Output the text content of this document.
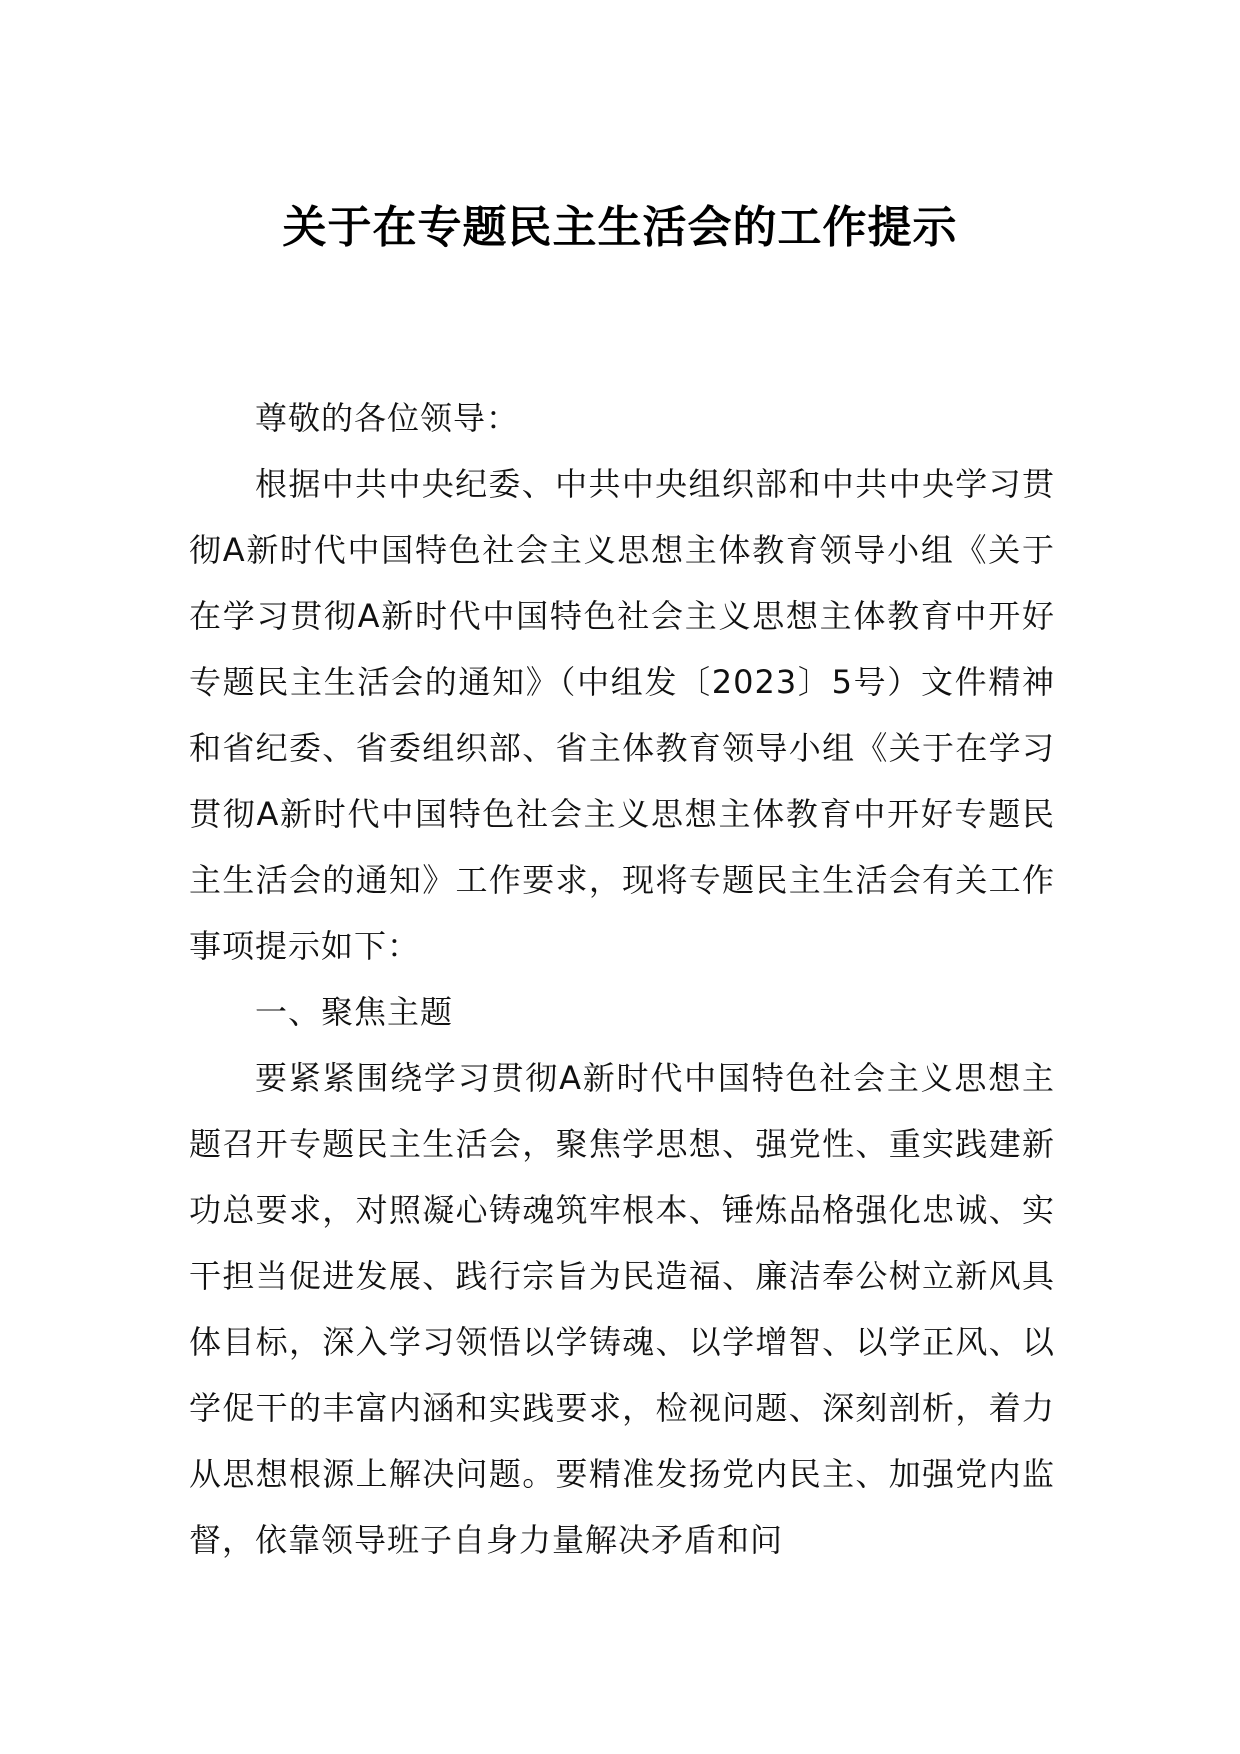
关于在专题民主生活会的工作提示

尊敬的各位领导：

根据中共中央纪委、中共中央组织部和中共中央学习贯彻A新时代中国特色社会主义思想主体教育领导小组《关于在学习贯彻A新时代中国特色社会主义思想主体教育中开好专题民主生活会的通知》（中组发〔2023〕5号）文件精神和省纪委、省委组织部、省主体教育领导小组《关于在学习贯彻A新时代中国特色社会主义思想主体教育中开好专题民主生活会的通知》工作要求，现将专题民主生活会有关工作事项提示如下：

一、聚焦主题

要紧紧围绕学习贯彻A新时代中国特色社会主义思想主题召开专题民主生活会，聚焦学思想、强党性、重实践建新功总要求，对照凝心铸魂筑牢根本、锤炼品格强化忠诚、实干担当促进发展、践行宗旨为民造福、廉洁奉公树立新风具体目标，深入学习领悟以学铸魂、以学增智、以学正风、以学促干的丰富内涵和实践要求，检视问题、深刻剖析，着力从思想根源上解决问题。要精准发扬党内民主、加强党内监督，依靠领导班子自身力量解决矛盾和问
